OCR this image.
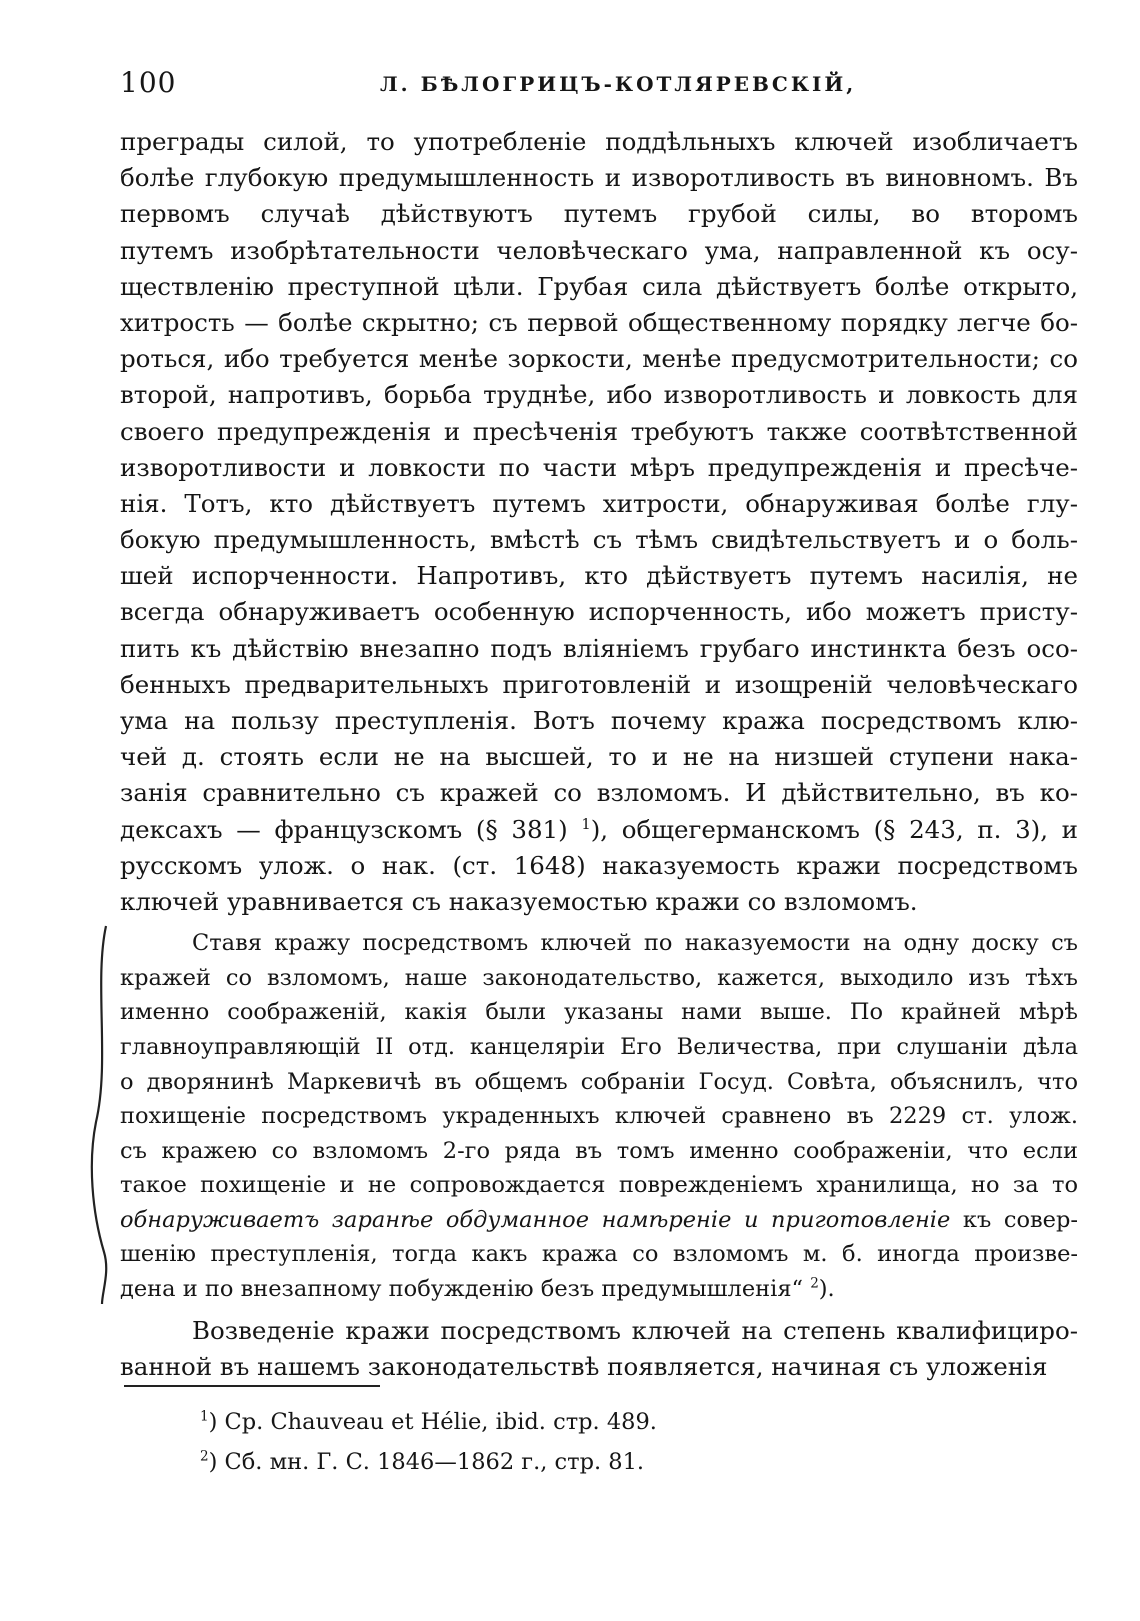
100	Л. БѢЛОГРИЦЪ-КОТЛЯРЕВСКІЙ,
преграды силой, то употребленіе поддѣльныхъ ключей изобличаетъ
болѣе глубокую предумышленность и изворотливость въ виновномъ. Въ
первомъ случаѣ дѣйствуютъ путемъ грубой силы, во второмъ
путемъ изобрѣтательности человѣческаго ума, направленной къ осу-
ществленію преступной цѣли. Грубая сила дѣйствуетъ болѣе открыто,
хитрость — болѣе скрытно; съ первой общественному порядку легче бо-
роться, ибо требуется менѣе зоркости, менѣе предусмотрительности; со
второй, напротивъ, борьба труднѣе, ибо изворотливость и ловкость для
своего предупрежденія и пресѣченія требуютъ также соотвѣтственной
изворотливости и ловкости по части мѣръ предупрежденія и пресѣче-
нія. Тотъ, кто дѣйствуетъ путемъ хитрости, обнаруживая болѣе глу-
бокую предумышленность, вмѣстѣ съ тѣмъ свидѣтельствуетъ и о боль-
шей испорченности. Напротивъ, кто дѣйствуетъ путемъ насилія, не
всегда обнаруживаетъ особенную испорченность, ибо можетъ присту-
пить къ дѣйствію внезапно подъ вліяніемъ грубаго инстинкта безъ осо-
бенныхъ предварительныхъ приготовленій и изощреній человѣческаго
ума на пользу преступленія. Вотъ почему кража посредствомъ клю-
чей д. стоять если не на высшей, то и не на низшей ступени нака-
занія сравнительно съ кражей со взломомъ. И дѣйствительно, въ ко-
дексахъ — французскомъ (§ 381) $^1$), общегерманскомъ (§ 243, п. 3), и
русскомъ улож. о нак. (ст. 1648) наказуемость кражи посредствомъ
ключей уравнивается съ наказуемостью кражи со взломомъ.
Ставя кражу посредствомъ ключей по наказуемости на одну доску съ
кражей со взломомъ, наше законодательство, кажется, выходило изъ тѣхъ
именно соображеній, какія были указаны нами выше. По крайней мѣрѣ
главноуправляющій II отд. канцеляріи Его Величества, при слушаніи дѣла
о дворянинѣ Маркевичѣ въ общемъ собраніи Госуд. Совѣта, объяснилъ, что
похищеніе посредствомъ украденныхъ ключей сравнено въ 2229 ст. улож.
съ кражею со взломомъ 2-го ряда въ томъ именно соображеніи, что если
такое похищеніе и не сопровождается поврежденіемъ хранилища, но за то
обнаруживаетъ заранѣе обдуманное намѣреніе и приготовленіе къ совер-
шенію преступленія, тогда какъ кража со взломомъ м. б. иногда произве-
дена и по внезапному побужденію безъ предумышленія“ $^2$).
Возведеніе кражи посредствомъ ключей на степень квалифициро-
ванной въ нашемъ законодательствѣ появляется, начиная съ уложенія
$^1$) Ср. Chauveau et Hélie, ibid. стр. 489.
$^2$) Сб. мн. Г. С. 1846—1862 г., стр. 81.
